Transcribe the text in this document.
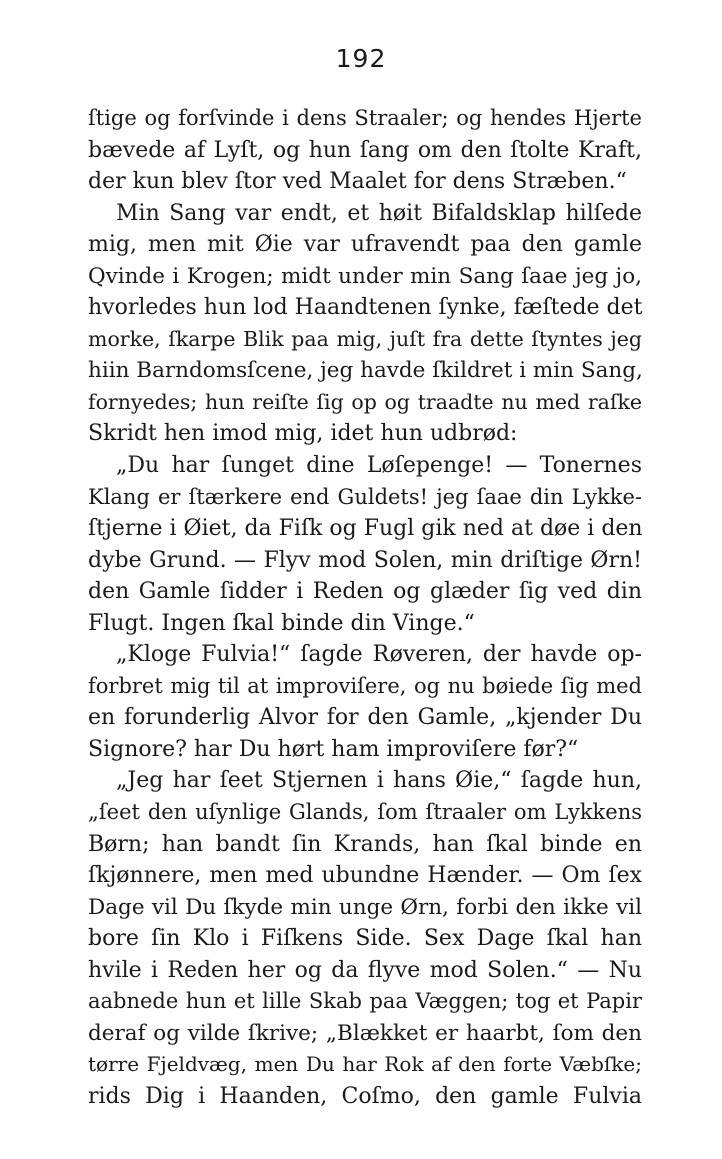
192
ſtige og forſvinde i dens Straaler; og hendes Hjerte
bævede af Lyſt, og hun ſang om den ſtolte Kraft,
der kun blev ſtor ved Maalet for dens Stræben.“
Min Sang var endt, et høit Bifaldsklap hilſede
mig, men mit Øie var ufravendt paa den gamle
Qvinde i Krogen; midt under min Sang ſaae jeg jo,
hvorledes hun lod Haandtenen ſynke, fæſtede det
morke, ſkarpe Blik paa mig, juſt fra dette ſtyntes jeg
hiin Barndomsſcene, jeg havde ſkildret i min Sang,
fornyedes; hun reiſte ſig op og traadte nu med raſke
Skridt hen imod mig, idet hun udbrød:
„Du har ſunget dine Løſepenge! — Tonernes
Klang er ſtærkere end Guldets! jeg ſaae din Lykke-
ſtjerne i Øiet, da Fiſk og Fugl gik ned at døe i den
dybe Grund. — Flyv mod Solen, min driſtige Ørn!
den Gamle ſidder i Reden og glæder ſig ved din
Flugt. Ingen ſkal binde din Vinge.“
„Kloge Fulvia!“ ſagde Røveren, der havde op-
forbret mig til at improviſere, og nu bøiede ſig med
en forunderlig Alvor for den Gamle, „kjender Du
Signore? har Du hørt ham improviſere før?“
„Jeg har ſeet Stjernen i hans Øie,“ ſagde hun,
„ſeet den uſynlige Glands, ſom ſtraaler om Lykkens
Børn; han bandt ſin Krands, han ſkal binde en
ſkjønnere, men med ubundne Hænder. — Om ſex
Dage vil Du ſkyde min unge Ørn, forbi den ikke vil
bore ſin Klo i Fiſkens Side. Sex Dage ſkal han
hvile i Reden her og da flyve mod Solen.“ — Nu
aabnede hun et lille Skab paa Væggen; tog et Papir
deraf og vilde ſkrive; „Blækket er haarbt, ſom den
tørre Fjeldvæg, men Du har Rok af den forte Væbſke;
rids Dig i Haanden, Coſmo, den gamle Fulvia
